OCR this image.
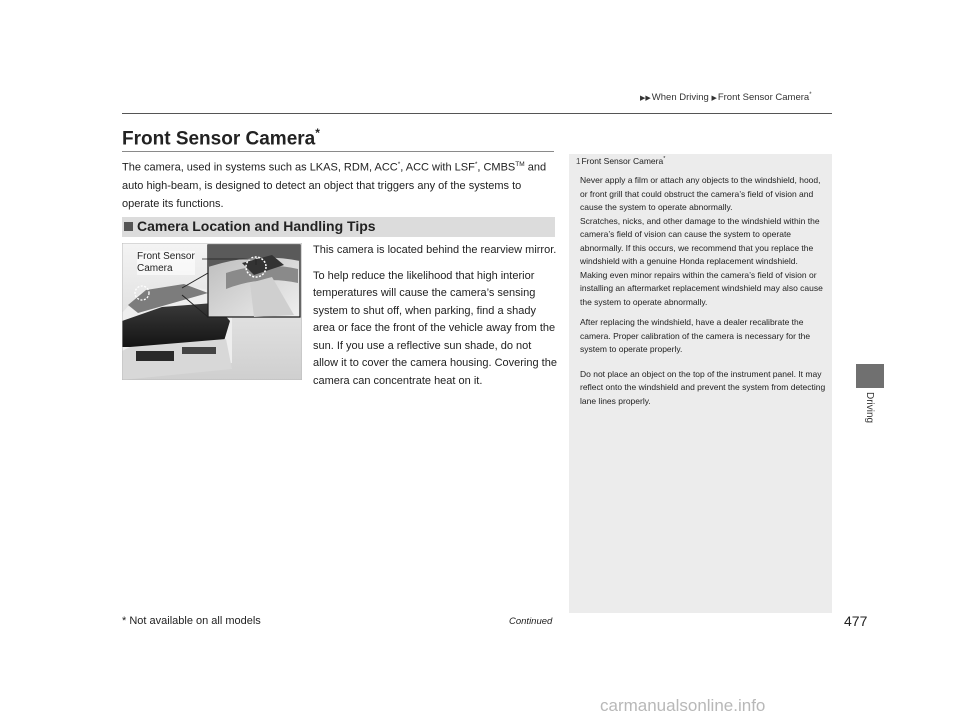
▶▶When Driving ▶Front Sensor Camera*
Driving
Front Sensor Camera*
The camera, used in systems such as LKAS, RDM, ACC*, ACC with LSF*, CMBS™ and auto high-beam, is designed to detect an object that triggers any of the systems to operate its functions.
Camera Location and Handling Tips
Front Sensor
Camera

This camera is located behind the rearview mirror.

To help reduce the likelihood that high interior temperatures will cause the camera’s sensing system to shut off, when parking, find a shady area or face the front of the vehicle away from the sun. If you use a reflective sun shade, do not allow it to cover the camera housing. Covering the camera can concentrate heat on it.

1Front Sensor Camera*

Never apply a film or attach any objects to the windshield, hood, or front grill that could obstruct the camera’s field of vision and cause the system to operate abnormally.

Scratches, nicks, and other damage to the windshield within the camera’s field of vision can cause the system to operate abnormally. If this occurs, we recommend that you replace the windshield with a genuine Honda replacement windshield. Making even minor repairs within the camera’s field of vision or installing an aftermarket replacement windshield may also cause the system to operate abnormally.

After replacing the windshield, have a dealer recalibrate the camera. Proper calibration of the camera is necessary for the system to operate properly.

Do not place an object on the top of the instrument panel. It may reflect onto the windshield and prevent the system from detecting lane lines properly.

* Not available on all models	Continued	477
carmanualsonline.info
